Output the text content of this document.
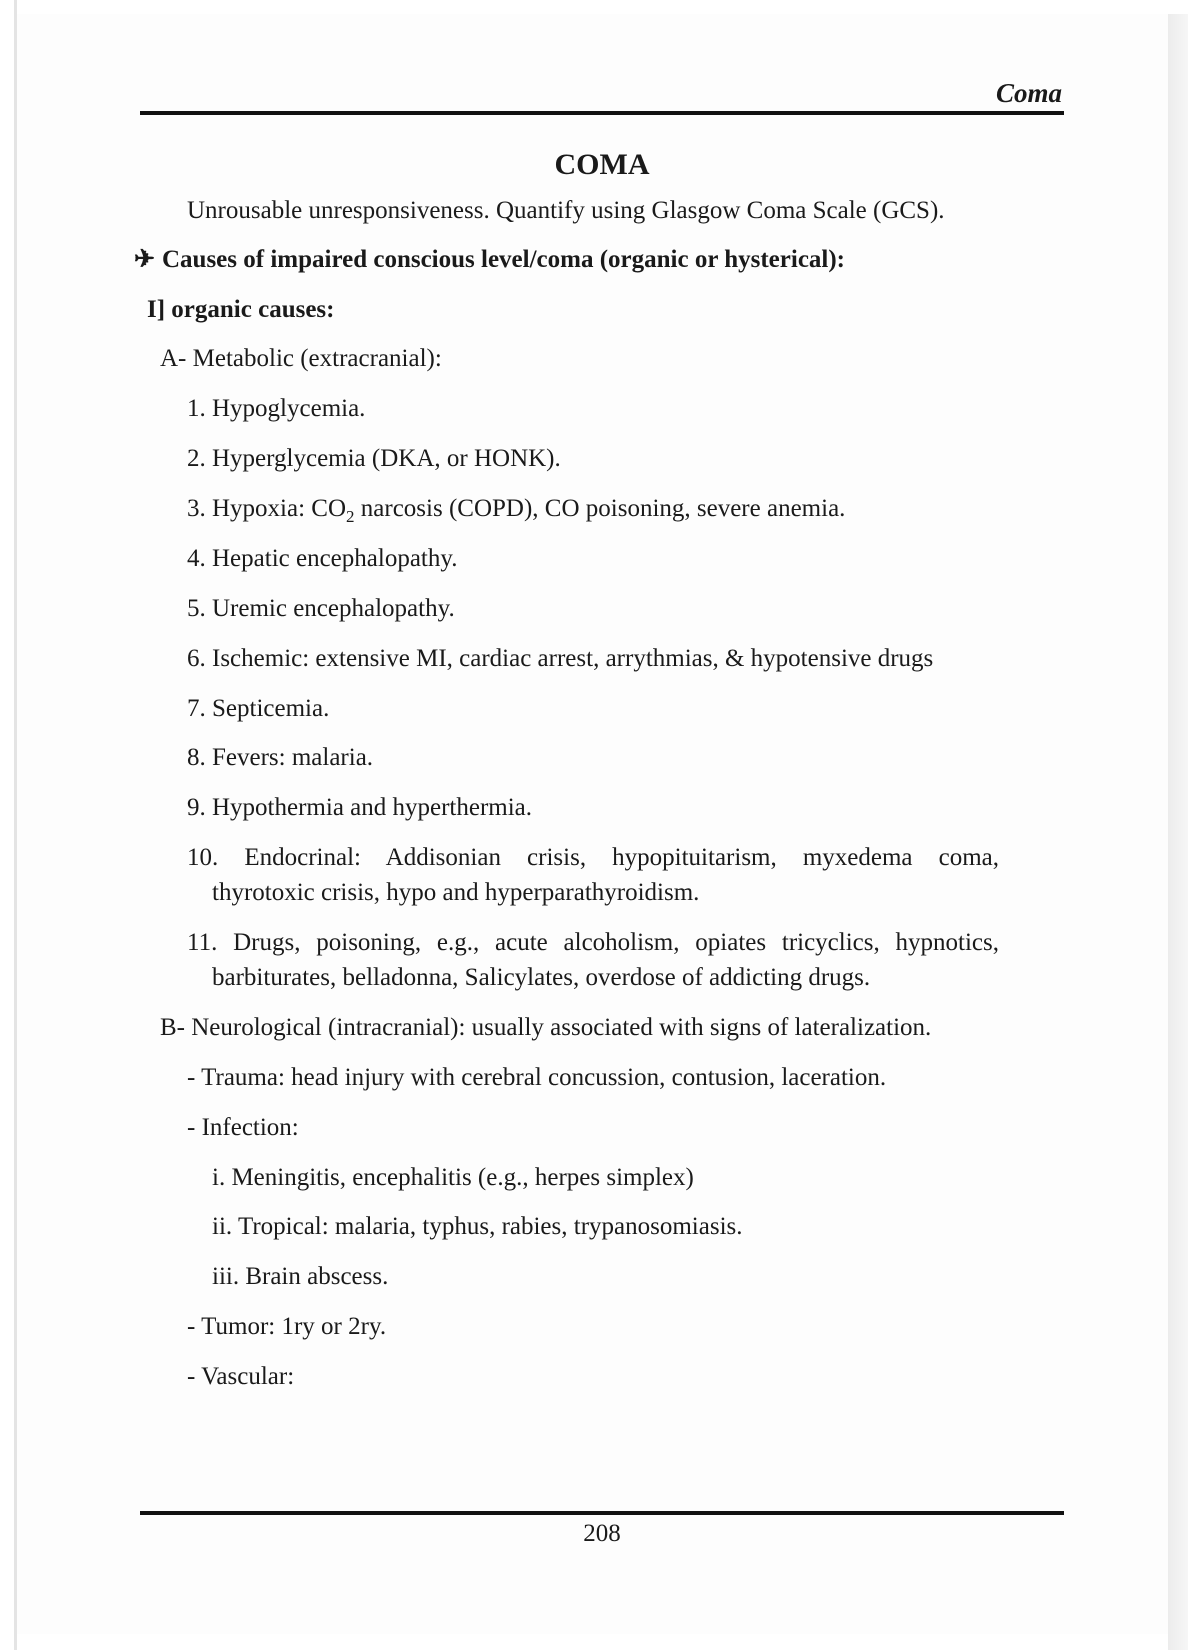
Coma
COMA
Unrousable unresponsiveness. Quantify using Glasgow Coma Scale (GCS).
✈ Causes of impaired conscious level/coma (organic or hysterical):
I] organic causes:
A- Metabolic (extracranial):
1. Hypoglycemia.
2. Hyperglycemia (DKA, or HONK).
3. Hypoxia: $CO_2$ narcosis (COPD), CO poisoning, severe anemia.
4. Hepatic encephalopathy.
5. Uremic encephalopathy.
6. Ischemic: extensive MI, cardiac arrest, arrythmias, & hypotensive drugs
7. Septicemia.
8. Fevers: malaria.
9. Hypothermia and hyperthermia.
10. Endocrinal: Addisonian crisis, hypopituitarism, myxedema coma,
thyrotoxic crisis, hypo and hyperparathyroidism.
11. Drugs, poisoning, e.g., acute alcoholism, opiates tricyclics, hypnotics,
barbiturates, belladonna, Salicylates, overdose of addicting drugs.
B- Neurological (intracranial): usually associated with signs of lateralization.
- Trauma: head injury with cerebral concussion, contusion, laceration.
- Infection:
i. Meningitis, encephalitis (e.g., herpes simplex)
ii. Tropical: malaria, typhus, rabies, trypanosomiasis.
iii. Brain abscess.
- Tumor: 1ry or 2ry.
- Vascular:
208
